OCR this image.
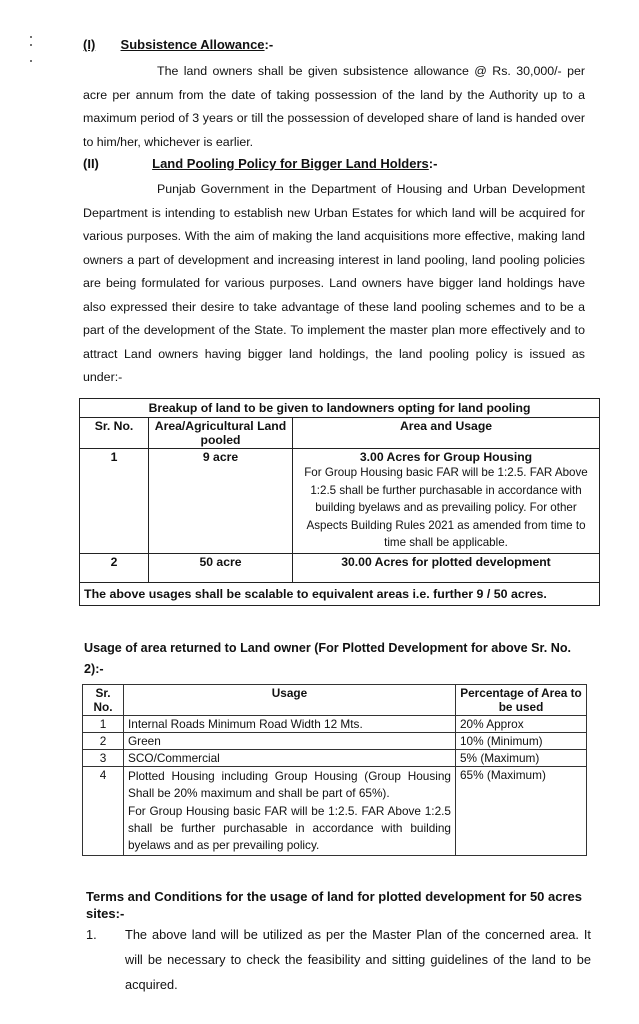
(I) Subsistence Allowance:-
The land owners shall be given subsistence allowance @ Rs. 30,000/- per acre per annum from the date of taking possession of the land by the Authority up to a maximum period of 3 years or till the possession of developed share of land is handed over to him/her, whichever is earlier.
(II)	Land Pooling Policy for Bigger Land Holders:-
Punjab Government in the Department of Housing and Urban Development Department is intending to establish new Urban Estates for which land will be acquired for various purposes. With the aim of making the land acquisitions more effective, making land owners a part of development and increasing interest in land pooling, land pooling policies are being formulated for various purposes. Land owners have bigger land holdings have also expressed their desire to take advantage of these land pooling schemes and to be a part of the development of the State. To implement the master plan more effectively and to attract Land owners having bigger land holdings, the land pooling policy is issued as under:-
Breakup of land to be given to landowners opting for land pooling		
Sr. No.	Area/Agricultural Land pooled	Area and Usage
1	9 acre	3.00 Acres for Group Housing
For Group Housing basic FAR will be 1:2.5. FAR Above 1:2.5 shall be further purchasable in accordance with building byelaws and as prevailing policy. For other Aspects Building Rules 2021 as amended from time to time shall be applicable.

2	50 acre	30.00 Acres for plotted development

The above usages shall be scalable to equivalent areas i.e. further 9 / 50 acres.		
Usage of area returned to Land owner (For Plotted Development for above Sr. No. 2):-
Sr. No.	Usage	Percentage of Area to be used
1	Internal Roads Minimum Road Width 12 Mts.	20% Approx
2	Green	10% (Minimum)
3	SCO/Commercial	5% (Maximum)
4	Plotted Housing including Group Housing (Group Housing Shall be 20% maximum and shall be part of 65%).
For Group Housing basic FAR will be 1:2.5. FAR Above 1:2.5 shall be further purchasable in accordance with building byelaws and as per prevailing policy.	65% (Maximum)
Terms and Conditions for the usage of land for plotted development for 50 acres sites:-
1. The above land will be utilized as per the Master Plan of the concerned area. It will be necessary to check the feasibility and sitting guidelines of the land to be acquired.
